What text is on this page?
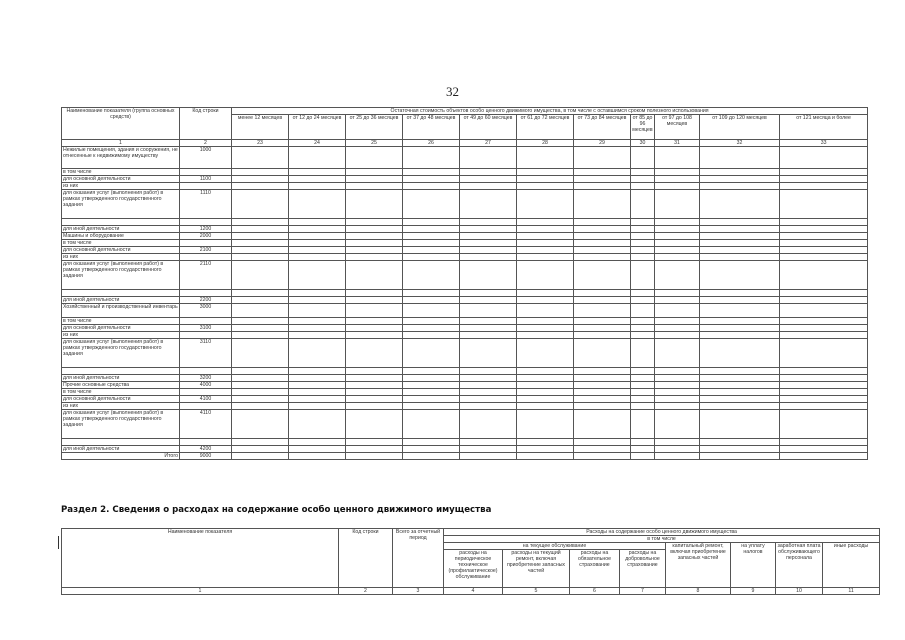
32
Наименование показателя (группа основных средств)	Код строки	Остаточная стоимость объектов особо ценного движимого имущества, в том числе с оставшимся сроком полезного использования										
		менее 12 месяцев	от 12 до 24 месяцев	от 25 до 36 месяцев	от 37 до 48 месяцев	от 49 до 60 месяцев	от 61 до 72 месяцев	от 73 до 84 месяцев	от 85 до 96 месяцев	от 97 до 108 месяцев	от 109 до 120 месяцев	от 121 месяца и более
1	2	23	24	25	26	27	28	29	30	31	32	33
Нежилые помещения, здания и сооружения, не отнесенные к недвижимому имуществу	1000											
в том числе												
для основной деятельности	1100											
из них												
для оказания услуг (выполнения работ) в рамках утвержденного государственного задания	1110											

для иной деятельности	1200											
Машины и оборудование	2000											
в том числе												
для основной деятельности	2100											
из них												
для оказания услуг (выполнения работ) в рамках утвержденного государственного задания	2110											

для иной деятельности	2200											
Хозяйственный и производственный инвентарь	3000											
в том числе												
для основной деятельности	3100											
из них												
для оказания услуг (выполнения работ) в рамках утвержденного государственного задания	3110											

для иной деятельности	3200											
Прочие основные средства	4000											
в том числе												
для основной деятельности	4100											
из них												
для оказания услуг (выполнения работ) в рамках утвержденного государственного задания	4110											

для иной деятельности	4200											
Итого	9000											
Раздел 2. Сведения о расходах на содержание особо ценного движимого имущества
Наименование показателя	Код строки	Всего за отчетный период	Расходы на содержание особо ценного движимого имущества							
			в том числе							
			на текущее обслуживание				капитальный ремонт, включая приобретение запасных частей	на уплату налогов	заработная плата обслуживающего персонала	иные расходы
			расходы на периодическое техническое (профилактическое) обслуживание	расходы на текущий ремонт, включая приобретение запасных частей	расходы на обязательное страхование	расходы на добровольное страхование				
1	2	3	4	5	6	7	8	9	10	11
